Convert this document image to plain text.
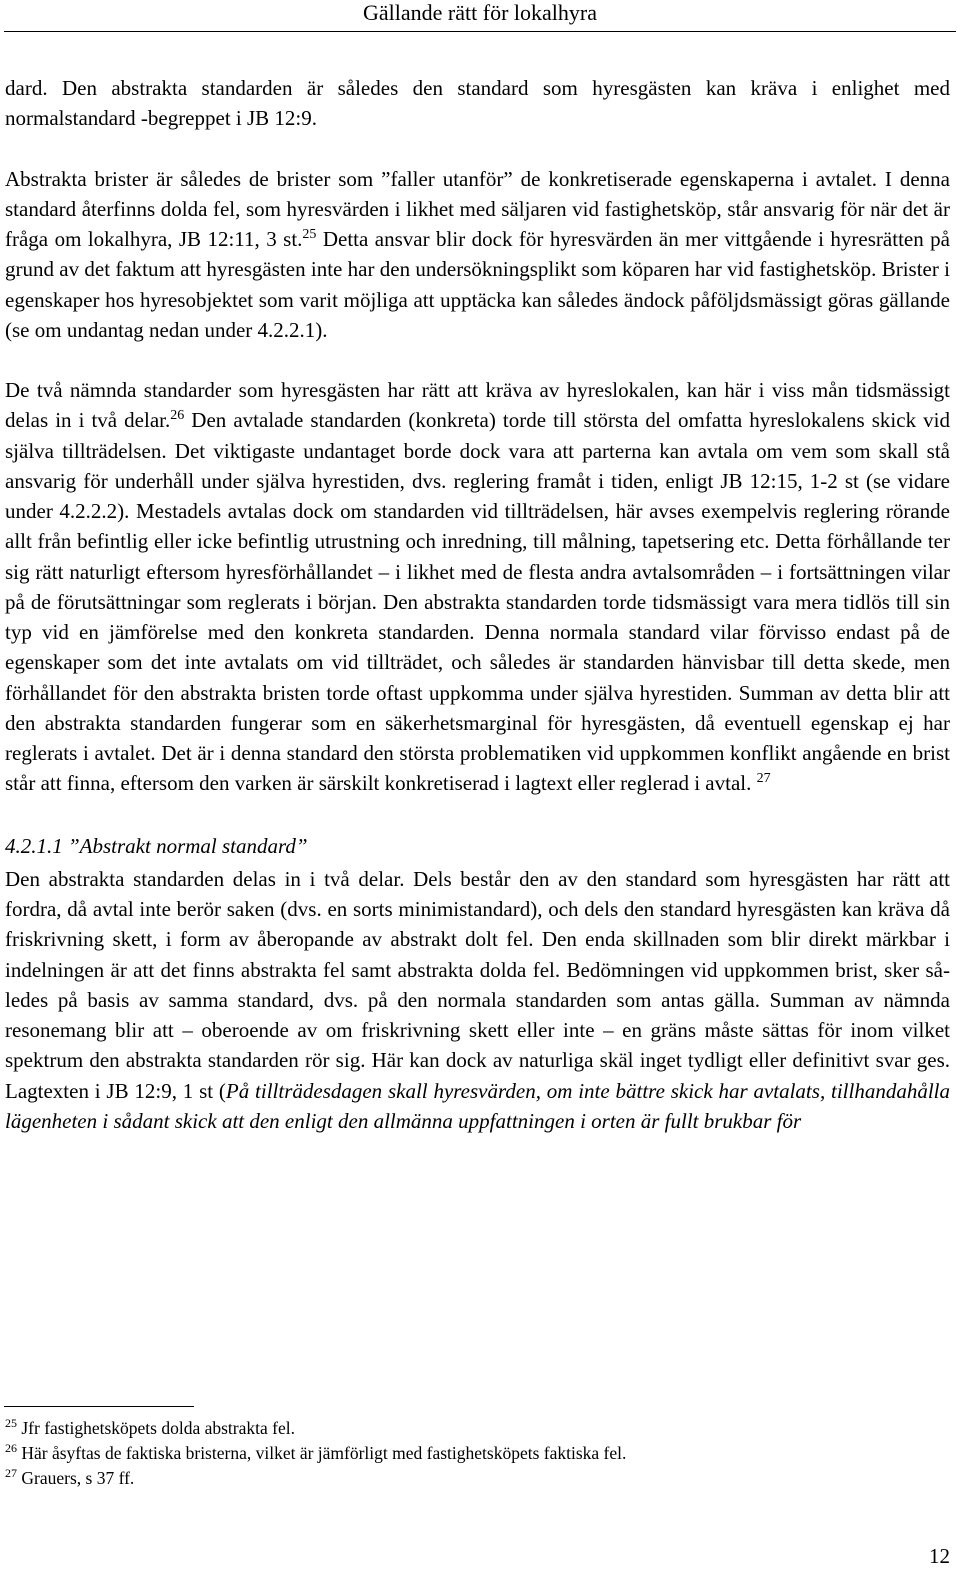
Gällande rätt för lokalhyra

dard. Den abstrakta standarden är således den standard som hyresgästen kan kräva i enlighet med normalstandard -begreppet i JB 12:9.

Abstrakta brister är således de brister som ”faller utanför” de konkretiserade egenskaperna i avtalet. I denna standard återfinns dolda fel, som hyresvärden i likhet med säljaren vid fastighetsköp, står ansvarig för när det är fråga om lokalhyra, JB 12:11, 3 st.$^{25}$ Detta ansvar blir dock för hyresvärden än mer vittgående i hyresrätten på grund av det faktum att hyresgästen inte har den undersökningsplikt som köparen har vid fastighetsköp. Brister i egenskaper hos hyresobjektet som varit möjliga att upptäcka kan således ändock påföljdsmässigt göras gällande (se om undantag nedan under 4.2.2.1).

De två nämnda standarder som hyresgästen har rätt att kräva av hyreslokalen, kan här i viss mån tidsmässigt delas in i två delar.$^{26}$ Den avtalade standarden (konkreta) torde till största del omfatta hyreslokalens skick vid själva tillträdelsen. Det viktigaste undantaget borde dock vara att parterna kan avtala om vem som skall stå ansvarig för underhåll under själva hyrestiden, dvs. reglering framåt i tiden, enligt JB 12:15, 1-2 st (se vidare under 4.2.2.2). Mestadels avtalas dock om standarden vid tillträdelsen, här avses exempelvis reglering rörande allt från befintlig eller icke befintlig utrustning och inredning, till målning, tapetsering etc. Detta förhållande ter sig rätt naturligt eftersom hyresförhållandet – i likhet med de flesta andra avtalsområden – i fortsättningen vilar på de förutsättningar som reglerats i början. Den abstrakta standarden torde tidsmässigt vara mera tidlös till sin typ vid en jämförelse med den konkreta standarden. Denna normala standard vilar förvisso endast på de egenskaper som det inte avtalats om vid tillträdet, och således är standarden hänvisbar till detta skede, men förhållandet för den abstrakta bristen torde oftast uppkomma under själva hyrestiden. Summan av detta blir att den abstrakta standarden fungerar som en säkerhetsmarginal för hyresgästen, då eventuell egenskap ej har reglerats i avtalet. Det är i denna standard den största problematiken vid uppkommen konflikt angående en brist står att finna, eftersom den varken är särskilt konkretiserad i lagtext eller reglerad i avtal. $^{27}$

4.2.1.1 ”Abstrakt normal standard”

Den abstrakta standarden delas in i två delar. Dels består den av den standard som hyresgästen har rätt att fordra, då avtal inte berör saken (dvs. en sorts minimistandard), och dels den standard hyresgästen kan kräva då friskrivning skett, i form av åberopande av abstrakt dolt fel. Den enda skillnaden som blir direkt märkbar i indelningen är att det finns abstrakta fel samt abstrakta dolda fel. Bedömningen vid uppkommen brist, sker således på basis av samma standard, dvs. på den normala standarden som antas gälla. Summan av nämnda resonemang blir att – oberoende av om friskrivning skett eller inte – en gräns måste sättas för inom vilket spektrum den abstrakta standarden rör sig. Här kan dock av naturliga skäl inget tydligt eller definitivt svar ges. Lagtexten i JB 12:9, 1 st (På tillträdesdagen skall hyresvärden, om inte bättre skick har avtalats, tillhandahålla lägenheten i sådant skick att den enligt den allmänna uppfattningen i orten är fullt brukbar för

$^{25}$ Jfr fastighetsköpets dolda abstrakta fel.

$^{26}$ Här åsyftas de faktiska bristerna, vilket är jämförligt med fastighetsköpets faktiska fel.

$^{27}$ Grauers, s 37 ff.

12
